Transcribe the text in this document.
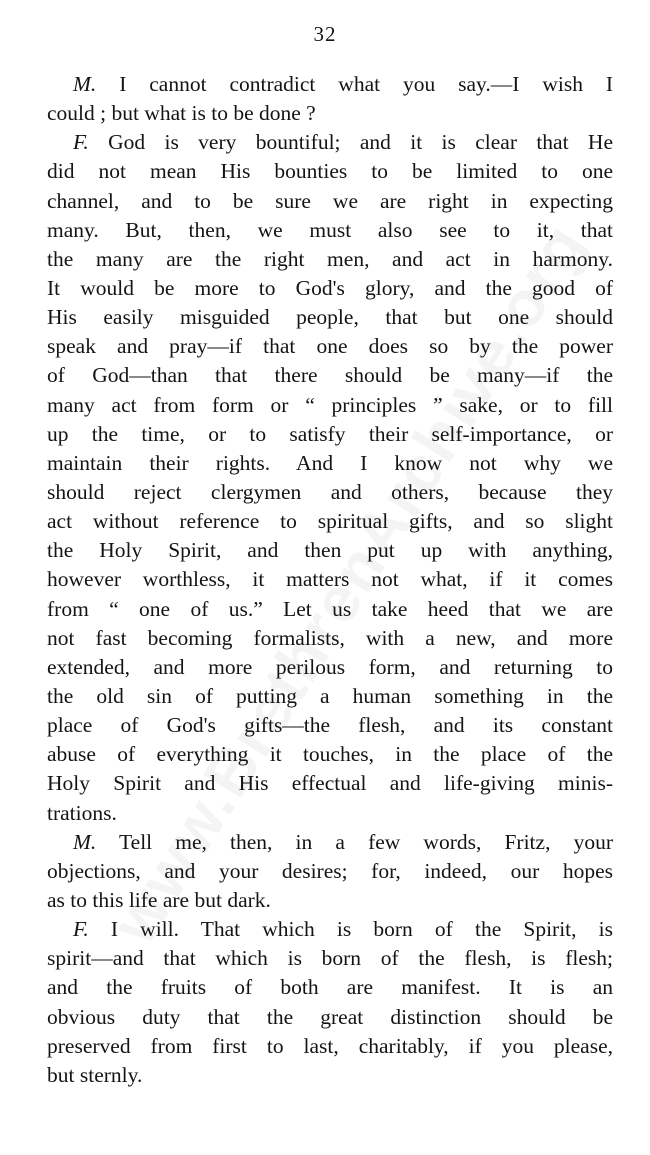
32
M. I cannot contradict what you say.—I wish I
could ; but what is to be done ?
F. God is very bountiful; and it is clear that He
did not mean His bounties to be limited to one
channel, and to be sure we are right in expecting
many. But, then, we must also see to it, that
the many are the right men, and act in harmony.
It would be more to God's glory, and the good of
His easily misguided people, that but one should
speak and pray—if that one does so by the power
of God—than that there should be many—if the
many act from form or “ principles ” sake, or to fill
up the time, or to satisfy their self-importance, or
maintain their rights. And I know not why we
should reject clergymen and others, because they
act without reference to spiritual gifts, and so slight
the Holy Spirit, and then put up with anything,
however worthless, it matters not what, if it comes
from “ one of us.” Let us take heed that we are
not fast becoming formalists, with a new, and more
extended, and more perilous form, and returning to
the old sin of putting a human something in the
place of God's gifts—the flesh, and its constant
abuse of everything it touches, in the place of the
Holy Spirit and His effectual and life-giving minis-
trations.
M. Tell me, then, in a few words, Fritz, your
objections, and your desires; for, indeed, our hopes
as to this life are but dark.
F. I will. That which is born of the Spirit, is
spirit—and that which is born of the flesh, is flesh;
and the fruits of both are manifest. It is an
obvious duty that the great distinction should be
preserved from first to last, charitably, if you please,
but sternly.
